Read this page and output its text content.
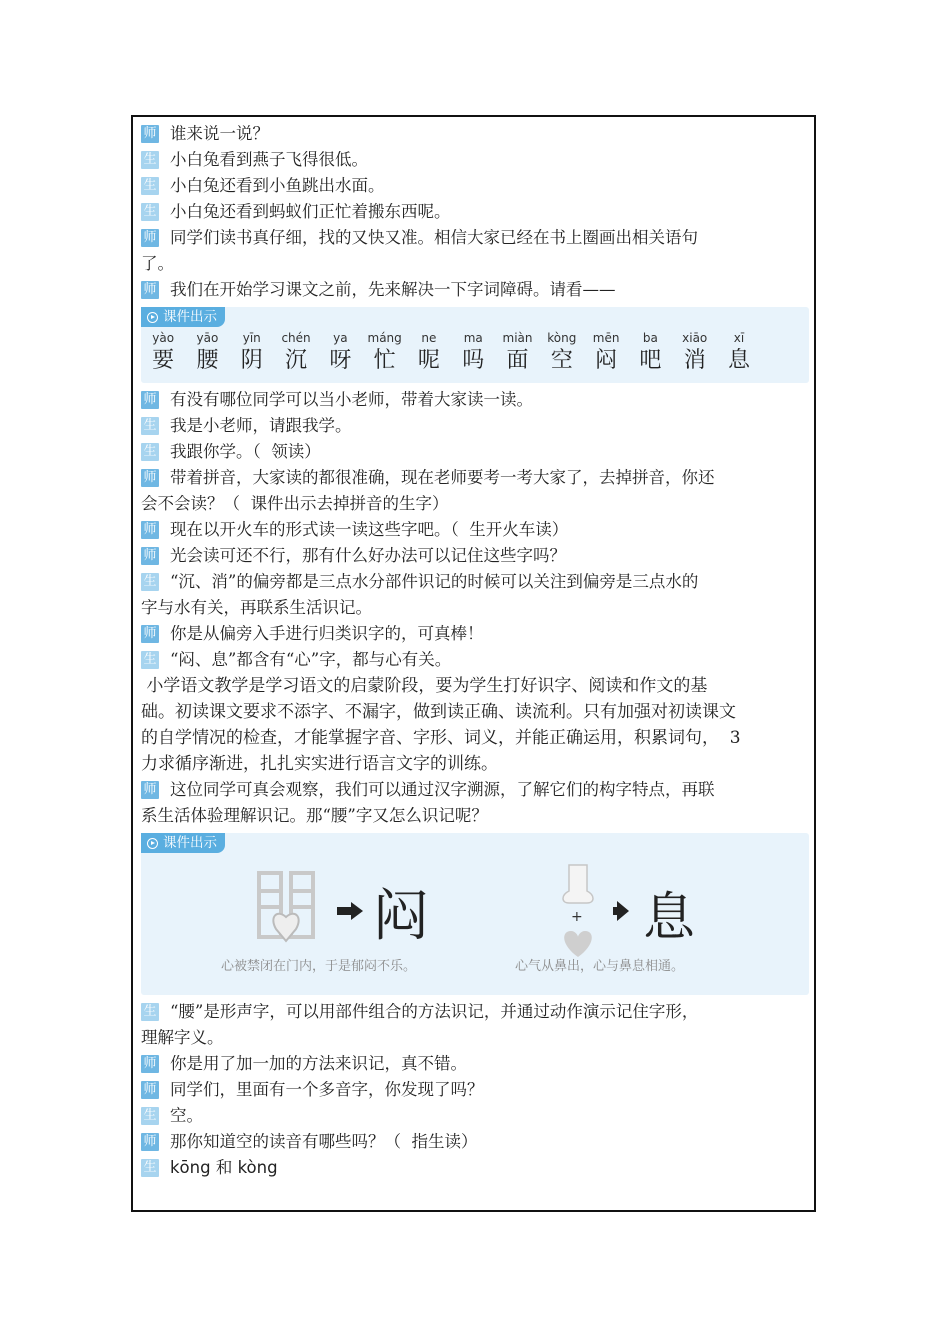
师 谁来说一说？
生 小白兔看到燕子飞得很低。
生 小白兔还看到小鱼跳出水面。
生 小白兔还看到蚂蚁们正忙着搬东西呢。
师 同学们读书真仔细，找的又快又准。相信大家已经在书上圈画出相关语句
了。
师 我们在开始学习课文之前，先来解决一下字词障碍。请看——
课件出示
yào
要
yāo
腰
yīn
阴
chén
沉
ya
呀
máng
忙
ne
呢
ma
吗
miàn
面
kòng
空
mēn
闷
ba
吧
xiāo
消
xī
息
师 有没有哪位同学可以当小老师，带着大家读一读。
生 我是小老师，请跟我学。
生 我跟你学。（  领读）
师 带着拼音，大家读的都很准确，现在老师要考一考大家了，去掉拼音，你还
会不会读？（  课件出示去掉拼音的生字）
师 现在以开火车的形式读一读这些字吧。（  生开火车读）
师 光会读可还不行，那有什么好办法可以记住这些字吗？
生 “沉、消”的偏旁都是三点水分部件识记的时候可以关注到偏旁是三点水的
字与水有关，再联系生活识记。
师 你是从偏旁入手进行归类识字的，可真棒！
生 “闷、息”都含有“心”字，都与心有关。
小学语文教学是学习语文的启蒙阶段，要为学生打好识字、阅读和作文的基
础。初读课文要求不添字、不漏字，做到读正确、读流利。只有加强对初读课文
的自学情况的检查，才能掌握字音、字形、词义，并能正确运用，积累词句，  3
力求循序渐进，扎扎实实进行语言文字的训练。
师 这位同学可真会观察，我们可以通过汉字溯源，了解它们的构字特点，再联
系生活体验理解识记。那“腰”字又怎么识记呢？
课件出示
闷	+ 息
心被禁闭在门内，于是郁闷不乐。	心气从鼻出，心与鼻息相通。
生 “腰”是形声字，可以用部件组合的方法识记，并通过动作演示记住字形，
理解字义。
师 你是用了加一加的方法来识记，真不错。
师 同学们，里面有一个多音字，你发现了吗？
生 空。
师 那你知道空的读音有哪些吗？（  指生读）
生 kōng 和 kòng
